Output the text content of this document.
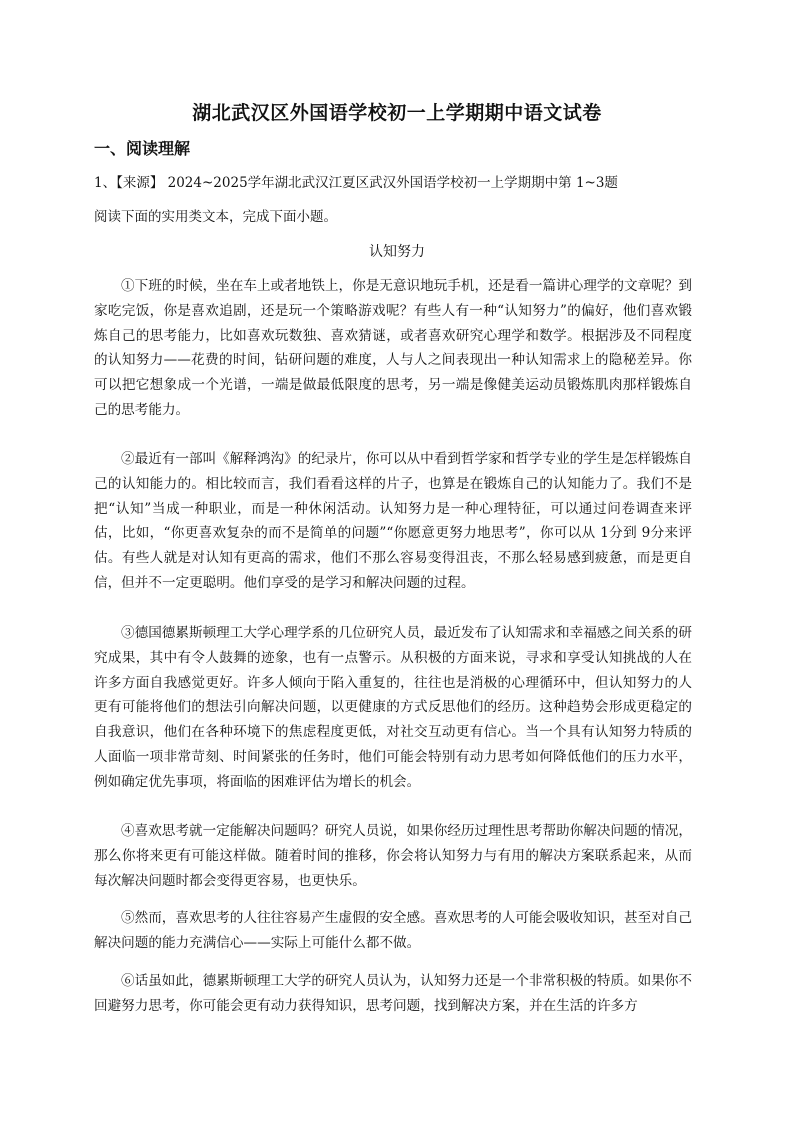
湖北武汉区外国语学校初一上学期期中语文试卷
一、阅读理解
1、【来源】 2024~2025学年湖北武汉江夏区武汉外国语学校初一上学期期中第 1~3题
阅读下面的实用类文本，完成下面小题。
认知努力

①下班的时候，坐在车上或者地铁上，你是无意识地玩手机，还是看一篇讲心理学的文章呢？到家吃完饭，你是喜欢追剧，还是玩一个策略游戏呢？有些人有一种“认知努力”的偏好，他们喜欢锻炼自己的思考能力，比如喜欢玩数独、喜欢猜谜，或者喜欢研究心理学和数学。根据涉及不同程度的认知努力——花费的时间，钻研问题的难度，人与人之间表现出一种认知需求上的隐秘差异。你可以把它想象成一个光谱，一端是做最低限度的思考，另一端是像健美运动员锻炼肌肉那样锻炼自己的思考能力。

②最近有一部叫《解释鸿沟》的纪录片，你可以从中看到哲学家和哲学专业的学生是怎样锻炼自己的认知能力的。相比较而言，我们看看这样的片子，也算是在锻炼自己的认知能力了。我们不是把“认知”当成一种职业，而是一种休闲活动。认知努力是一种心理特征，可以通过问卷调查来评估，比如，“你更喜欢复杂的而不是简单的问题”“你愿意更努力地思考”，你可以从 1分到 9分来评估。有些人就是对认知有更高的需求，他们不那么容易变得沮丧，不那么轻易感到疲惫，而是更自信，但并不一定更聪明。他们享受的是学习和解决问题的过程。

③德国德累斯顿理工大学心理学系的几位研究人员，最近发布了认知需求和幸福感之间关系的研究成果，其中有令人鼓舞的迹象，也有一点警示。从积极的方面来说，寻求和享受认知挑战的人在许多方面自我感觉更好。许多人倾向于陷入重复的，往往也是消极的心理循环中，但认知努力的人更有可能将他们的想法引向解决问题，以更健康的方式反思他们的经历。这种趋势会形成更稳定的自我意识，他们在各种环境下的焦虑程度更低，对社交互动更有信心。当一个具有认知努力特质的人面临一项非常苛刻、时间紧张的任务时，他们可能会特别有动力思考如何降低他们的压力水平，例如确定优先事项，将面临的困难评估为增长的机会。

④喜欢思考就一定能解决问题吗？研究人员说，如果你经历过理性思考帮助你解决问题的情况，那么你将来更有可能这样做。随着时间的推移，你会将认知努力与有用的解决方案联系起来，从而每次解决问题时都会变得更容易，也更快乐。

⑤然而，喜欢思考的人往往容易产生虚假的安全感。喜欢思考的人可能会吸收知识，甚至对自己解决问题的能力充满信心——实际上可能什么都不做。

⑥话虽如此，德累斯顿理工大学的研究人员认为，认知努力还是一个非常积极的特质。如果你不回避努力思考，你可能会更有动力获得知识，思考问题，找到解决方案，并在生活的许多方
